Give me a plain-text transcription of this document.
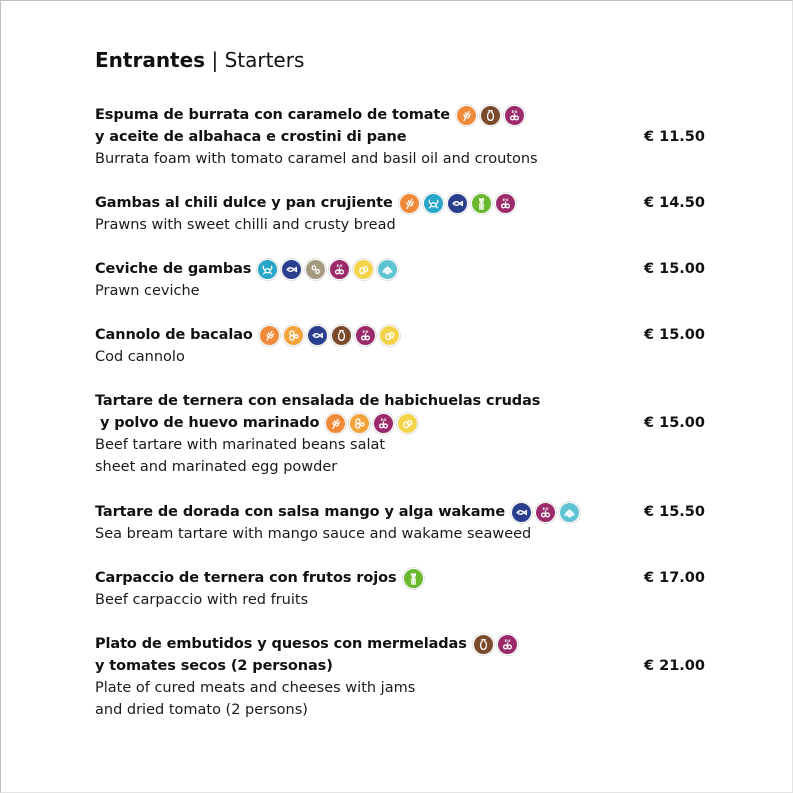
Entrantes | Starters
Espuma de burrata con caramelo de tomate	E-X
y aceite de albahaca e crostini di pane	€ 11.50
Burrata foam with tomato caramel and basil oil and croutons
Gambas al chili dulce y pan crujiente	E-X	€ 14.50
Prawns with sweet chilli and crusty bread
Ceviche de gambas	E-X	€ 15.00
Prawn ceviche
Cannolo de bacalao	E-X	€ 15.00
Cod cannolo
Tartare de ternera con ensalada de habichuelas crudas
y polvo de huevo marinado	E-X	€ 15.00
Beef tartare with marinated beans salat
sheet and marinated egg powder
Tartare de dorada con salsa mango y alga wakame	E-X	€ 15.50
Sea bream tartare with mango sauce and wakame seaweed
Carpaccio de ternera con frutos rojos	€ 17.00
Beef carpaccio with red fruits
Plato de embutidos y quesos con mermeladas	E-X
y tomates secos (2 personas)	€ 21.00
Plate of cured meats and cheeses with jams
and dried tomato (2 persons)
